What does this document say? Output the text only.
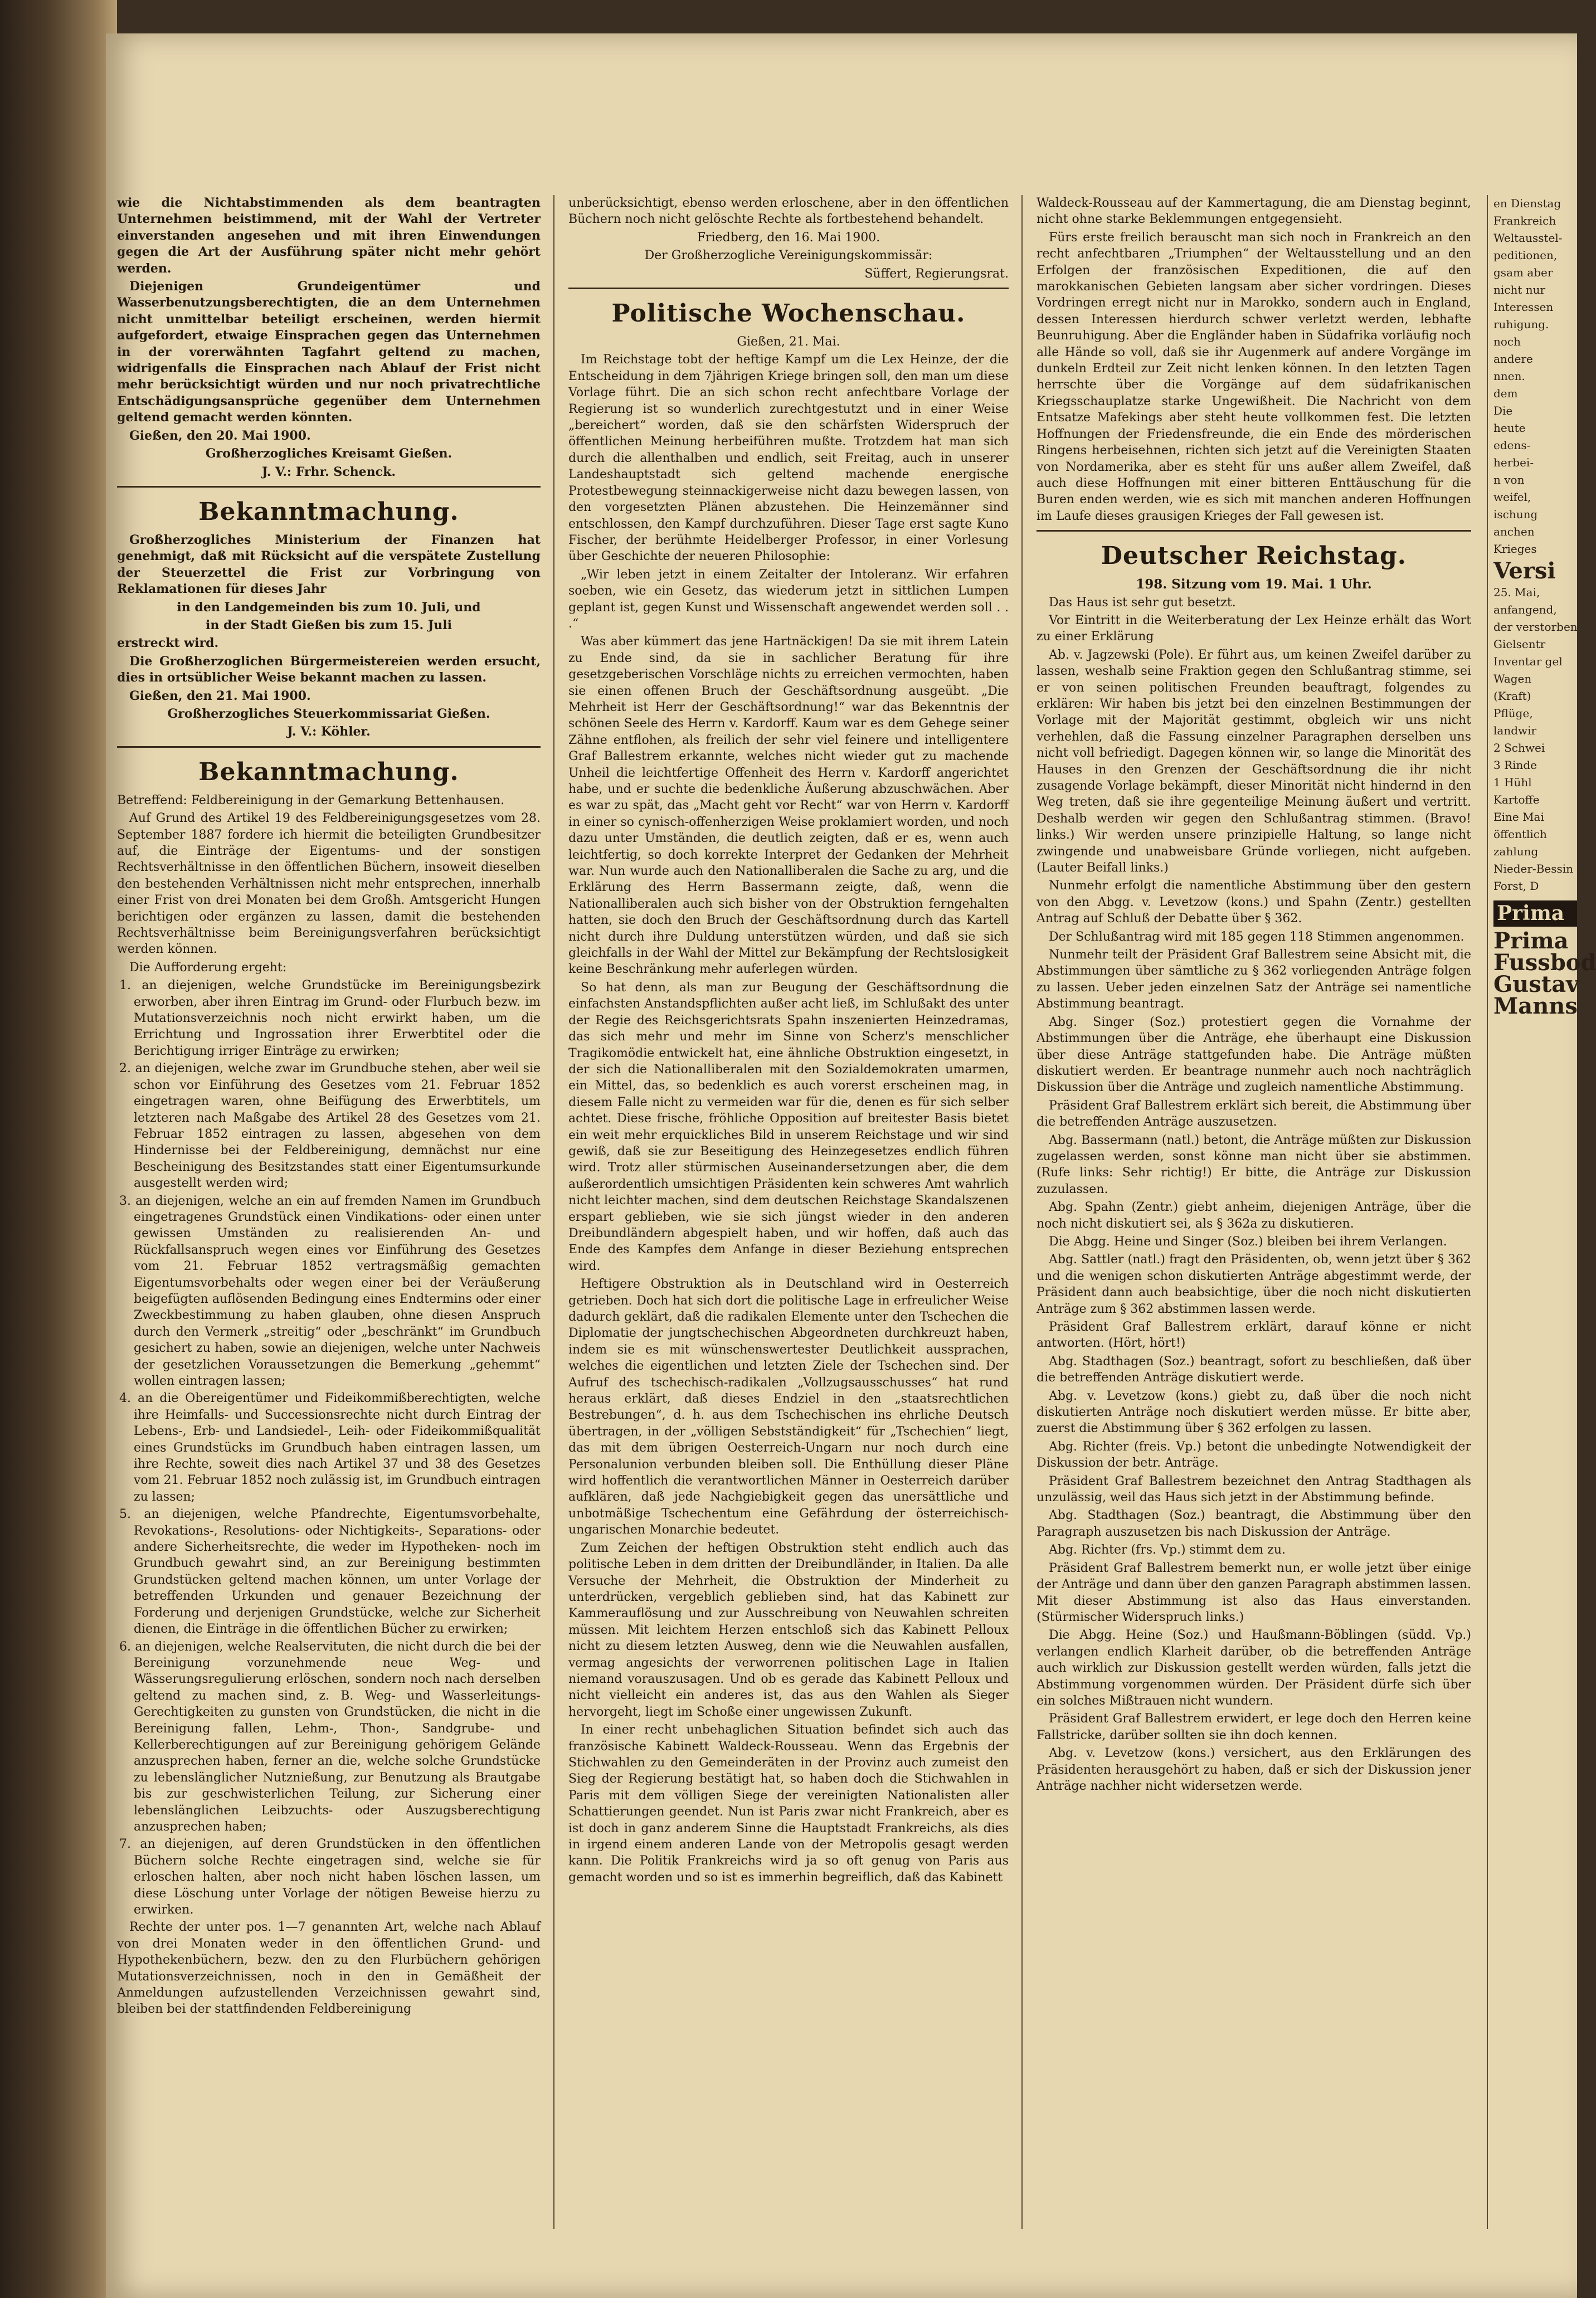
wie die Nichtabstimmenden als dem beantragten Unternehmen beistimmend, mit der Wahl der Vertreter einverstanden angesehen und mit ihren Einwendungen gegen die Art der Ausführung später nicht mehr gehört werden.

Diejenigen Grundeigentümer und Wasserbenutzungsberechtigten, die an dem Unternehmen nicht unmittelbar beteiligt erscheinen, werden hiermit aufgefordert, etwaige Einsprachen gegen das Unternehmen in der vorerwähnten Tagfahrt geltend zu machen, widrigenfalls die Einsprachen nach Ablauf der Frist nicht mehr berücksichtigt würden und nur noch privatrechtliche Entschädigungsansprüche gegenüber dem Unternehmen geltend gemacht werden könnten.

Gießen, den 20. Mai 1900.

Großherzogliches Kreisamt Gießen.

J. V.: Frhr. Schenck.

Bekanntmachung.

Großherzogliches Ministerium der Finanzen hat genehmigt, daß mit Rücksicht auf die verspätete Zustellung der Steuerzettel die Frist zur Vorbringung von Reklamationen für dieses Jahr

in den Landgemeinden bis zum 10. Juli, und

in der Stadt Gießen bis zum 15. Juli

erstreckt wird.

Die Großherzoglichen Bürgermeistereien werden ersucht, dies in ortsüblicher Weise bekannt machen zu lassen.

Gießen, den 21. Mai 1900.

Großherzogliches Steuerkommissariat Gießen.

J. V.: Köhler.

Bekanntmachung.

Betreffend: Feldbereinigung in der Gemarkung Bettenhausen.

Auf Grund des Artikel 19 des Feldbereinigungsgesetzes vom 28. September 1887 fordere ich hiermit die beteiligten Grundbesitzer auf, die Einträge der Eigentums- und der sonstigen Rechtsverhältnisse in den öffentlichen Büchern, insoweit dieselben den bestehenden Verhältnissen nicht mehr entsprechen, innerhalb einer Frist von drei Monaten bei dem Großh. Amtsgericht Hungen berichtigen oder ergänzen zu lassen, damit die bestehenden Rechtsverhältnisse beim Bereinigungsverfahren berücksichtigt werden können.

Die Aufforderung ergeht:

1. an diejenigen, welche Grundstücke im Bereinigungsbezirk erworben, aber ihren Eintrag im Grund- oder Flurbuch bezw. im Mutationsverzeichnis noch nicht erwirkt haben, um die Errichtung und Ingrossation ihrer Erwerbtitel oder die Berichtigung irriger Einträge zu erwirken;
2. an diejenigen, welche zwar im Grundbuche stehen, aber weil sie schon vor Einführung des Gesetzes vom 21. Februar 1852 eingetragen waren, ohne Beifügung des Erwerbtitels, um letzteren nach Maßgabe des Artikel 28 des Gesetzes vom 21. Februar 1852 eintragen zu lassen, abgesehen von dem Hindernisse bei der Feldbereinigung, demnächst nur eine Bescheinigung des Besitzstandes statt einer Eigentumsurkunde ausgestellt werden wird;
3. an diejenigen, welche an ein auf fremden Namen im Grundbuch eingetragenes Grundstück einen Vindikations- oder einen unter gewissen Umständen zu realisierenden An- und Rückfallsanspruch wegen eines vor Einführung des Gesetzes vom 21. Februar 1852 vertragsmäßig gemachten Eigentumsvorbehalts oder wegen einer bei der Veräußerung beigefügten auflösenden Bedingung eines Endtermins oder einer Zweckbestimmung zu haben glauben, ohne diesen Anspruch durch den Vermerk „streitig“ oder „beschränkt“ im Grundbuch gesichert zu haben, sowie an diejenigen, welche unter Nachweis der gesetzlichen Voraussetzungen die Bemerkung „gehemmt“ wollen eintragen lassen;
4. an die Obereigentümer und Fideikommißberechtigten, welche ihre Heimfalls- und Successionsrechte nicht durch Eintrag der Lebens-, Erb- und Landsiedel-, Leih- oder Fideikommißqualität eines Grundstücks im Grundbuch haben eintragen lassen, um ihre Rechte, soweit dies nach Artikel 37 und 38 des Gesetzes vom 21. Februar 1852 noch zulässig ist, im Grundbuch eintragen zu lassen;
5. an diejenigen, welche Pfandrechte, Eigentumsvorbehalte, Revokations-, Resolutions- oder Nichtigkeits-, Separations- oder andere Sicherheitsrechte, die weder im Hypotheken- noch im Grundbuch gewahrt sind, an zur Bereinigung bestimmten Grundstücken geltend machen können, um unter Vorlage der betreffenden Urkunden und genauer Bezeichnung der Forderung und derjenigen Grundstücke, welche zur Sicherheit dienen, die Einträge in die öffentlichen Bücher zu erwirken;
6. an diejenigen, welche Realservituten, die nicht durch die bei der Bereinigung vorzunehmende neue Weg- und Wässerungsregulierung erlöschen, sondern noch nach derselben geltend zu machen sind, z. B. Weg- und Wasserleitungs-Gerechtigkeiten zu gunsten von Grundstücken, die nicht in die Bereinigung fallen, Lehm-, Thon-, Sandgrube- und Kellerberechtigungen auf zur Bereinigung gehörigem Gelände anzusprechen haben, ferner an die, welche solche Grundstücke zu lebenslänglicher Nutznießung, zur Benutzung als Brautgabe bis zur geschwisterlichen Teilung, zur Sicherung einer lebenslänglichen Leibzuchts- oder Auszugsberechtigung anzusprechen haben;
7. an diejenigen, auf deren Grundstücken in den öffentlichen Büchern solche Rechte eingetragen sind, welche sie für erloschen halten, aber noch nicht haben löschen lassen, um diese Löschung unter Vorlage der nötigen Beweise hierzu zu erwirken.

Rechte der unter pos. 1—7 genannten Art, welche nach Ablauf von drei Monaten weder in den öffentlichen Grund- und Hypothekenbüchern, bezw. den zu den Flurbüchern gehörigen Mutationsverzeichnissen, noch in den in Gemäßheit der Anmeldungen aufzustellenden Verzeichnissen gewahrt sind, bleiben bei der stattfindenden Feldbereinigung

unberücksichtigt, ebenso werden erloschene, aber in den öffentlichen Büchern noch nicht gelöschte Rechte als fortbestehend behandelt.

Friedberg, den 16. Mai 1900.

Der Großherzogliche Vereinigungskommissär:

Süffert, Regierungsrat.

Politische Wochenschau.

Gießen, 21. Mai.

Im Reichstage tobt der heftige Kampf um die Lex Heinze, der die Entscheidung in dem 7jährigen Kriege bringen soll, den man um diese Vorlage führt. Die an sich schon recht anfechtbare Vorlage der Regierung ist so wunderlich zurechtgestutzt und in einer Weise „bereichert“ worden, daß sie den schärfsten Widerspruch der öffentlichen Meinung herbeiführen mußte. Trotzdem hat man sich durch die allenthalben und endlich, seit Freitag, auch in unserer Landeshauptstadt sich geltend machende energische Protestbewegung steinnackigerweise nicht dazu bewegen lassen, von den vorgesetzten Plänen abzustehen. Die Heinzemänner sind entschlossen, den Kampf durchzuführen. Dieser Tage erst sagte Kuno Fischer, der berühmte Heidelberger Professor, in einer Vorlesung über Geschichte der neueren Philosophie:

„Wir leben jetzt in einem Zeitalter der Intoleranz. Wir erfahren soeben, wie ein Gesetz, das wiederum jetzt in sittlichen Lumpen geplant ist, gegen Kunst und Wissenschaft angewendet werden soll . . .“

Was aber kümmert das jene Hartnäckigen! Da sie mit ihrem Latein zu Ende sind, da sie in sachlicher Beratung für ihre gesetzgeberischen Vorschläge nichts zu erreichen vermochten, haben sie einen offenen Bruch der Geschäftsordnung ausgeübt. „Die Mehrheit ist Herr der Geschäftsordnung!“ war das Bekenntnis der schönen Seele des Herrn v. Kardorff. Kaum war es dem Gehege seiner Zähne entflohen, als freilich der sehr viel feinere und intelligentere Graf Ballestrem erkannte, welches nicht wieder gut zu machende Unheil die leichtfertige Offenheit des Herrn v. Kardorff angerichtet habe, und er suchte die bedenkliche Äußerung abzuschwächen. Aber es war zu spät, das „Macht geht vor Recht“ war von Herrn v. Kardorff in einer so cynisch-offenherzigen Weise proklamiert worden, und noch dazu unter Umständen, die deutlich zeigten, daß er es, wenn auch leichtfertig, so doch korrekte Interpret der Gedanken der Mehrheit war. Nun wurde auch den Nationalliberalen die Sache zu arg, und die Erklärung des Herrn Bassermann zeigte, daß, wenn die Nationalliberalen auch sich bisher von der Obstruktion ferngehalten hatten, sie doch den Bruch der Geschäftsordnung durch das Kartell nicht durch ihre Duldung unterstützen würden, und daß sie sich gleichfalls in der Wahl der Mittel zur Bekämpfung der Rechtslosigkeit keine Beschränkung mehr auferlegen würden.

So hat denn, als man zur Beugung der Geschäftsordnung die einfachsten Anstandspflichten außer acht ließ, im Schlußakt des unter der Regie des Reichsgerichtsrats Spahn inszenierten Heinzedramas, das sich mehr und mehr im Sinne von Scherz's menschlicher Tragikomödie entwickelt hat, eine ähnliche Obstruktion eingesetzt, in der sich die Nationalliberalen mit den Sozialdemokraten umarmen, ein Mittel, das, so bedenklich es auch vorerst erscheinen mag, in diesem Falle nicht zu vermeiden war für die, denen es für sich selber achtet. Diese frische, fröhliche Opposition auf breitester Basis bietet ein weit mehr erquickliches Bild in unserem Reichstage und wir sind gewiß, daß sie zur Beseitigung des Heinzegesetzes endlich führen wird. Trotz aller stürmischen Auseinandersetzungen aber, die dem außerordentlich umsichtigen Präsidenten kein schweres Amt wahrlich nicht leichter machen, sind dem deutschen Reichstage Skandalszenen erspart geblieben, wie sie sich jüngst wieder in den anderen Dreibundländern abgespielt haben, und wir hoffen, daß auch das Ende des Kampfes dem Anfange in dieser Beziehung entsprechen wird.

Heftigere Obstruktion als in Deutschland wird in Oesterreich getrieben. Doch hat sich dort die politische Lage in erfreulicher Weise dadurch geklärt, daß die radikalen Elemente unter den Tschechen die Diplomatie der jungtschechischen Abgeordneten durchkreuzt haben, indem sie es mit wünschenswertester Deutlichkeit aussprachen, welches die eigentlichen und letzten Ziele der Tschechen sind. Der Aufruf des tschechisch-radikalen „Vollzugsausschusses“ hat rund heraus erklärt, daß dieses Endziel in den „staatsrechtlichen Bestrebungen“, d. h. aus dem Tschechischen ins ehrliche Deutsch übertragen, in der „völligen Sebstständigkeit“ für „Tschechien“ liegt, das mit dem übrigen Oesterreich-Ungarn nur noch durch eine Personalunion verbunden bleiben soll. Die Enthüllung dieser Pläne wird hoffentlich die verantwortlichen Männer in Oesterreich darüber aufklären, daß jede Nachgiebigkeit gegen das unersättliche und unbotmäßige Tschechentum eine Gefährdung der österreichisch-ungarischen Monarchie bedeutet.

Zum Zeichen der heftigen Obstruktion steht endlich auch das politische Leben in dem dritten der Dreibundländer, in Italien. Da alle Versuche der Mehrheit, die Obstruktion der Minderheit zu unterdrücken, vergeblich geblieben sind, hat das Kabinett zur Kammerauflösung und zur Ausschreibung von Neuwahlen schreiten müssen. Mit leichtem Herzen entschloß sich das Kabinett Pelloux nicht zu diesem letzten Ausweg, denn wie die Neuwahlen ausfallen, vermag angesichts der verworrenen politischen Lage in Italien niemand vorauszusagen. Und ob es gerade das Kabinett Pelloux und nicht vielleicht ein anderes ist, das aus den Wahlen als Sieger hervorgeht, liegt im Schoße einer ungewissen Zukunft.

In einer recht unbehaglichen Situation befindet sich auch das französische Kabinett Waldeck-Rousseau. Wenn das Ergebnis der Stichwahlen zu den Gemeinderäten in der Provinz auch zumeist den Sieg der Regierung bestätigt hat, so haben doch die Stichwahlen in Paris mit dem völligen Siege der vereinigten Nationalisten aller Schattierungen geendet. Nun ist Paris zwar nicht Frankreich, aber es ist doch in ganz anderem Sinne die Hauptstadt Frankreichs, als dies in irgend einem anderen Lande von der Metropolis gesagt werden kann. Die Politik Frankreichs wird ja so oft genug von Paris aus gemacht worden und so ist es immerhin begreiflich, daß das Kabinett

Waldeck-Rousseau auf der Kammertagung, die am Dienstag beginnt, nicht ohne starke Beklemmungen entgegensieht.

Fürs erste freilich berauscht man sich noch in Frankreich an den recht anfechtbaren „Triumphen“ der Weltausstellung und an den Erfolgen der französischen Expeditionen, die auf den marokkanischen Gebieten langsam aber sicher vordringen. Dieses Vordringen erregt nicht nur in Marokko, sondern auch in England, dessen Interessen hierdurch schwer verletzt werden, lebhafte Beunruhigung. Aber die Engländer haben in Südafrika vorläufig noch alle Hände so voll, daß sie ihr Augenmerk auf andere Vorgänge im dunkeln Erdteil zur Zeit nicht lenken können. In den letzten Tagen herrschte über die Vorgänge auf dem südafrikanischen Kriegsschauplatze starke Ungewißheit. Die Nachricht von dem Entsatze Mafekings aber steht heute vollkommen fest. Die letzten Hoffnungen der Friedensfreunde, die ein Ende des mörderischen Ringens herbeisehnen, richten sich jetzt auf die Vereinigten Staaten von Nordamerika, aber es steht für uns außer allem Zweifel, daß auch diese Hoffnungen mit einer bitteren Enttäuschung für die Buren enden werden, wie es sich mit manchen anderen Hoffnungen im Laufe dieses grausigen Krieges der Fall gewesen ist.

Deutscher Reichstag.

198. Sitzung vom 19. Mai. 1 Uhr.

Das Haus ist sehr gut besetzt.

Vor Eintritt in die Weiterberatung der Lex Heinze erhält das Wort zu einer Erklärung

Ab. v. Jagzewski (Pole). Er führt aus, um keinen Zweifel darüber zu lassen, weshalb seine Fraktion gegen den Schlußantrag stimme, sei er von seinen politischen Freunden beauftragt, folgendes zu erklären: Wir haben bis jetzt bei den einzelnen Bestimmungen der Vorlage mit der Majorität gestimmt, obgleich wir uns nicht verhehlen, daß die Fassung einzelner Paragraphen derselben uns nicht voll befriedigt. Dagegen können wir, so lange die Minorität des Hauses in den Grenzen der Geschäftsordnung die ihr nicht zusagende Vorlage bekämpft, dieser Minorität nicht hindernd in den Weg treten, daß sie ihre gegenteilige Meinung äußert und vertritt. Deshalb werden wir gegen den Schlußantrag stimmen. (Bravo! links.) Wir werden unsere prinzipielle Haltung, so lange nicht zwingende und unabweisbare Gründe vorliegen, nicht aufgeben. (Lauter Beifall links.)

Nunmehr erfolgt die namentliche Abstimmung über den gestern von den Abgg. v. Levetzow (kons.) und Spahn (Zentr.) gestellten Antrag auf Schluß der Debatte über § 362.

Der Schlußantrag wird mit 185 gegen 118 Stimmen angenommen.

Nunmehr teilt der Präsident Graf Ballestrem seine Absicht mit, die Abstimmungen über sämtliche zu § 362 vorliegenden Anträge folgen zu lassen. Ueber jeden einzelnen Satz der Anträge sei namentliche Abstimmung beantragt.

Abg. Singer (Soz.) protestiert gegen die Vornahme der Abstimmungen über die Anträge, ehe überhaupt eine Diskussion über diese Anträge stattgefunden habe. Die Anträge müßten diskutiert werden. Er beantrage nunmehr auch noch nachträglich Diskussion über die Anträge und zugleich namentliche Abstimmung.

Präsident Graf Ballestrem erklärt sich bereit, die Abstimmung über die betreffenden Anträge auszusetzen.

Abg. Bassermann (natl.) betont, die Anträge müßten zur Diskussion zugelassen werden, sonst könne man nicht über sie abstimmen. (Rufe links: Sehr richtig!) Er bitte, die Anträge zur Diskussion zuzulassen.

Abg. Spahn (Zentr.) giebt anheim, diejenigen Anträge, über die noch nicht diskutiert sei, als § 362a zu diskutieren.

Die Abgg. Heine und Singer (Soz.) bleiben bei ihrem Verlangen.

Abg. Sattler (natl.) fragt den Präsidenten, ob, wenn jetzt über § 362 und die wenigen schon diskutierten Anträge abgestimmt werde, der Präsident dann auch beabsichtige, über die noch nicht diskutierten Anträge zum § 362 abstimmen lassen werde.

Präsident Graf Ballestrem erklärt, darauf könne er nicht antworten. (Hört, hört!)

Abg. Stadthagen (Soz.) beantragt, sofort zu beschließen, daß über die betreffenden Anträge diskutiert werde.

Abg. v. Levetzow (kons.) giebt zu, daß über die noch nicht diskutierten Anträge noch diskutiert werden müsse. Er bitte aber, zuerst die Abstimmung über § 362 erfolgen zu lassen.

Abg. Richter (freis. Vp.) betont die unbedingte Notwendigkeit der Diskussion der betr. Anträge.

Präsident Graf Ballestrem bezeichnet den Antrag Stadthagen als unzulässig, weil das Haus sich jetzt in der Abstimmung befinde.

Abg. Stadthagen (Soz.) beantragt, die Abstimmung über den Paragraph auszusetzen bis nach Diskussion der Anträge.

Abg. Richter (frs. Vp.) stimmt dem zu.

Präsident Graf Ballestrem bemerkt nun, er wolle jetzt über einige der Anträge und dann über den ganzen Paragraph abstimmen lassen. Mit dieser Abstimmung ist also das Haus einverstanden. (Stürmischer Widerspruch links.)

Die Abgg. Heine (Soz.) und Haußmann-Böblingen (südd. Vp.) verlangen endlich Klarheit darüber, ob die betreffenden Anträge auch wirklich zur Diskussion gestellt werden würden, falls jetzt die Abstimmung vorgenommen würden. Der Präsident dürfe sich über ein solches Mißtrauen nicht wundern.

Präsident Graf Ballestrem erwidert, er lege doch den Herren keine Fallstricke, darüber sollten sie ihn doch kennen.

Abg. v. Levetzow (kons.) versichert, aus den Erklärungen des Präsidenten herausgehört zu haben, daß er sich der Diskussion jener Anträge nachher nicht widersetzen werde.

en Dienstag
Frankreich
Weltausstel-
peditionen,
gsam aber
nicht nur
Interessen
ruhigung.
noch
andere
nnen.
dem
Die
heute
edens-
herbei-
n von
weifel,
ischung
anchen
Krieges
Versi
25. Mai,
anfangend,
der verstorben
Gielsentr
Inventar gel
Wagen
(Kraft)
Pflüge,
landwir
2 Schwei
3 Rinde
1 Hühl
Kartoffe
Eine Mai
öffentlich
zahlung
Nieder-Bessin
Forst, D
Prima
Prima
Fussbod
Gustav
Manns
